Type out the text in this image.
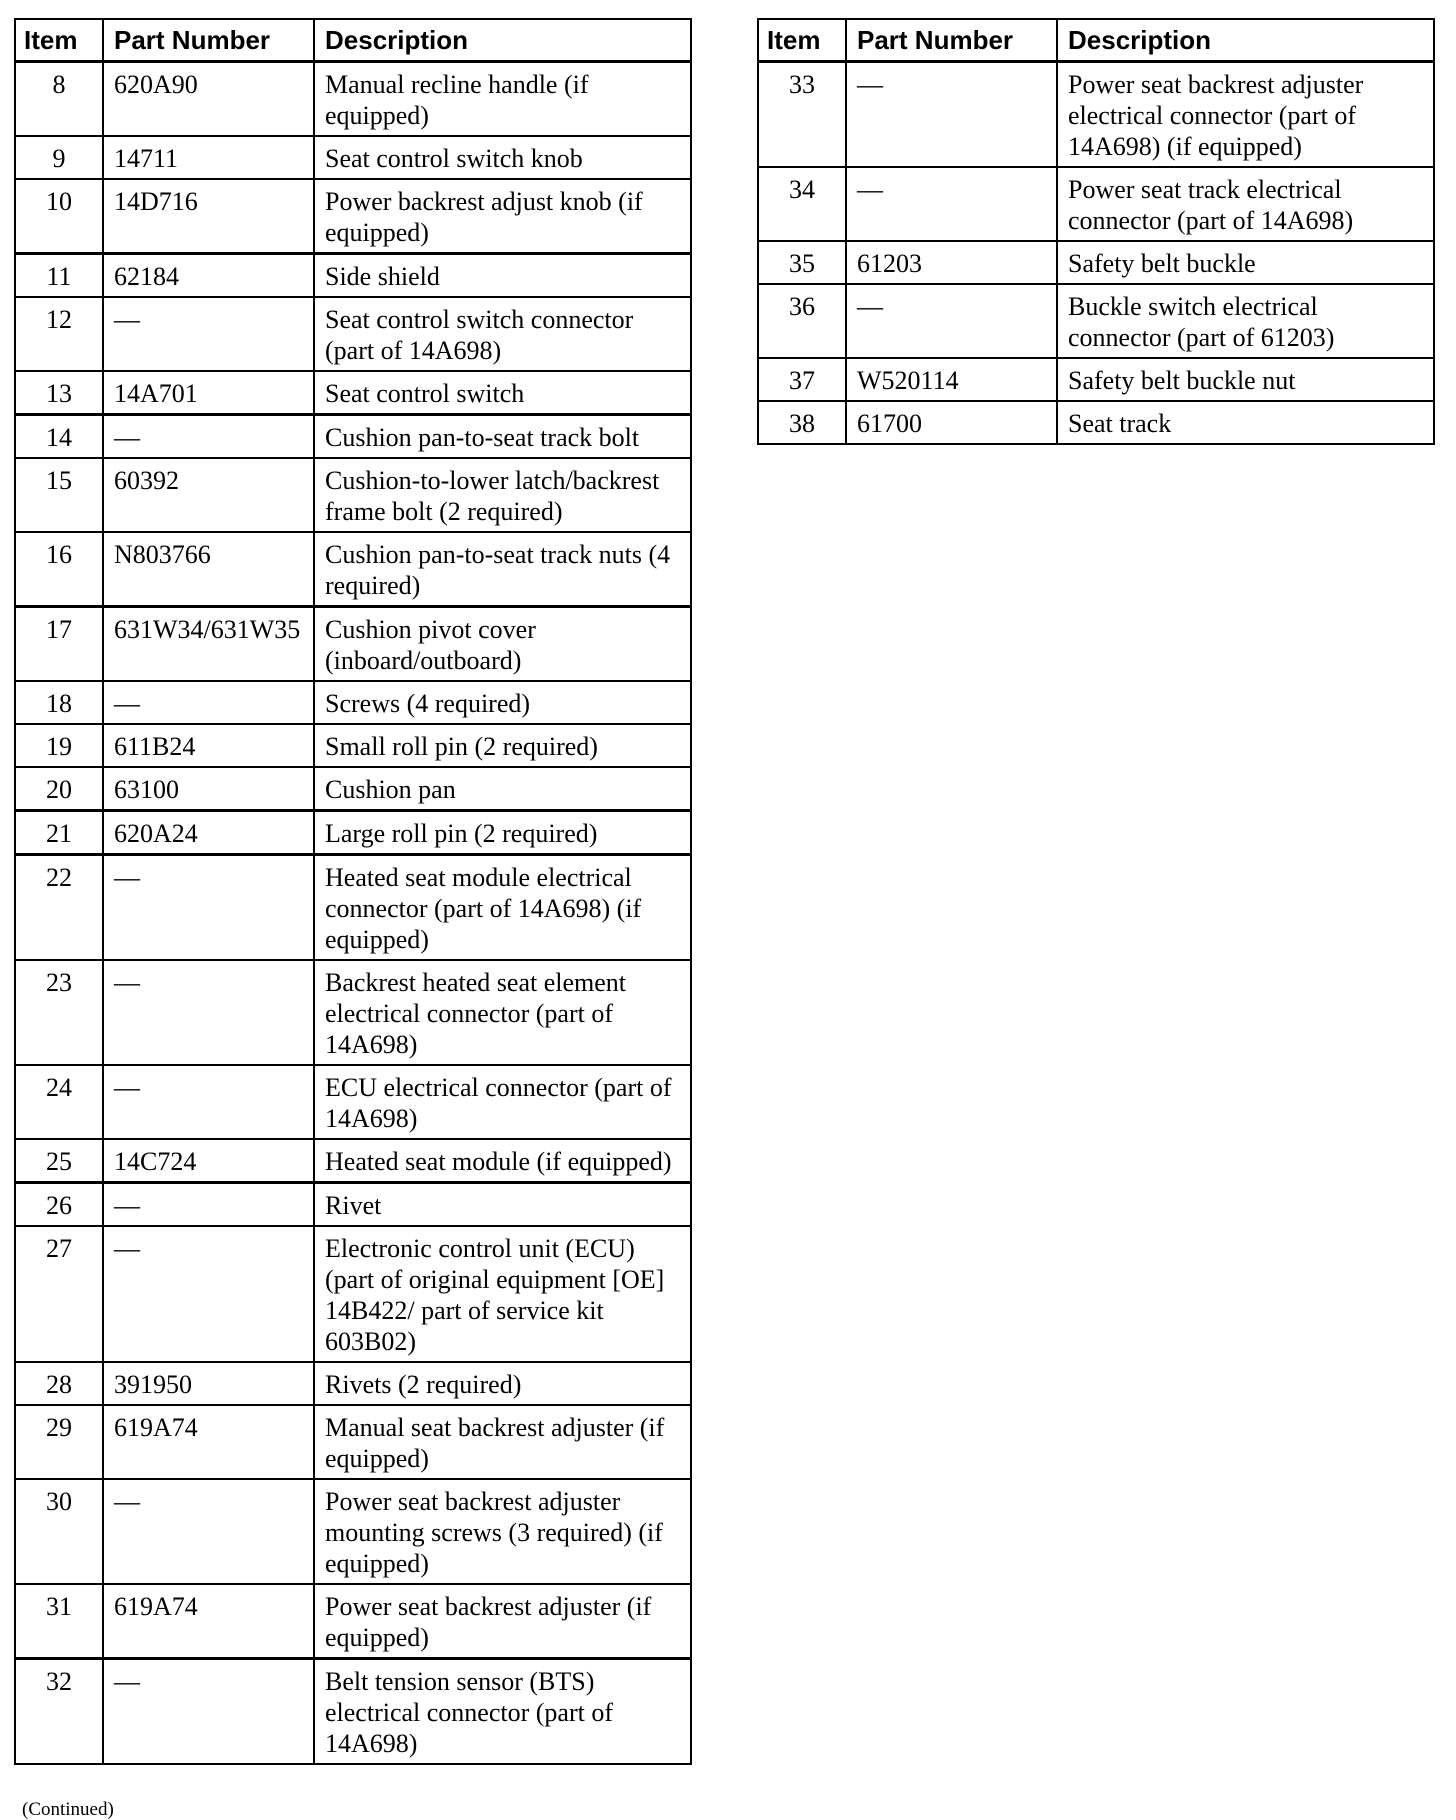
Item	Part Number	Description
8	620A90	Manual recline handle (if equipped)
9	14711	Seat control switch knob
10	14D716	Power backrest adjust knob (if equipped)
11	62184	Side shield
12	—	Seat control switch connector (part of 14A698)
13	14A701	Seat control switch
14	—	Cushion pan-to-seat track bolt
15	60392	Cushion-to-lower latch/backrest frame bolt (2 required)
16	N803766	Cushion pan-to-seat track nuts (4 required)
17	631W34/631W35	Cushion pivot cover (inboard/outboard)
18	—	Screws (4 required)
19	611B24	Small roll pin (2 required)
20	63100	Cushion pan
21	620A24	Large roll pin (2 required)
22	—	Heated seat module electrical connector (part of 14A698) (if equipped)
23	—	Backrest heated seat element electrical connector (part of 14A698)
24	—	ECU electrical connector (part of 14A698)
25	14C724	Heated seat module (if equipped)
26	—	Rivet
27	—	Electronic control unit (ECU) (part of original equipment [OE] 14B422/ part of service kit 603B02)
28	391950	Rivets (2 required)
29	619A74	Manual seat backrest adjuster (if equipped)
30	—	Power seat backrest adjuster mounting screws (3 required) (if equipped)
31	619A74	Power seat backrest adjuster (if equipped)
32	—	Belt tension sensor (BTS) electrical connector (part of 14A698)
Item	Part Number	Description
33	—	Power seat backrest adjuster electrical connector (part of 14A698) (if equipped)
34	—	Power seat track electrical connector (part of 14A698)
35	61203	Safety belt buckle
36	—	Buckle switch electrical connector (part of 61203)
37	W520114	Safety belt buckle nut
38	61700	Seat track
(Continued)
